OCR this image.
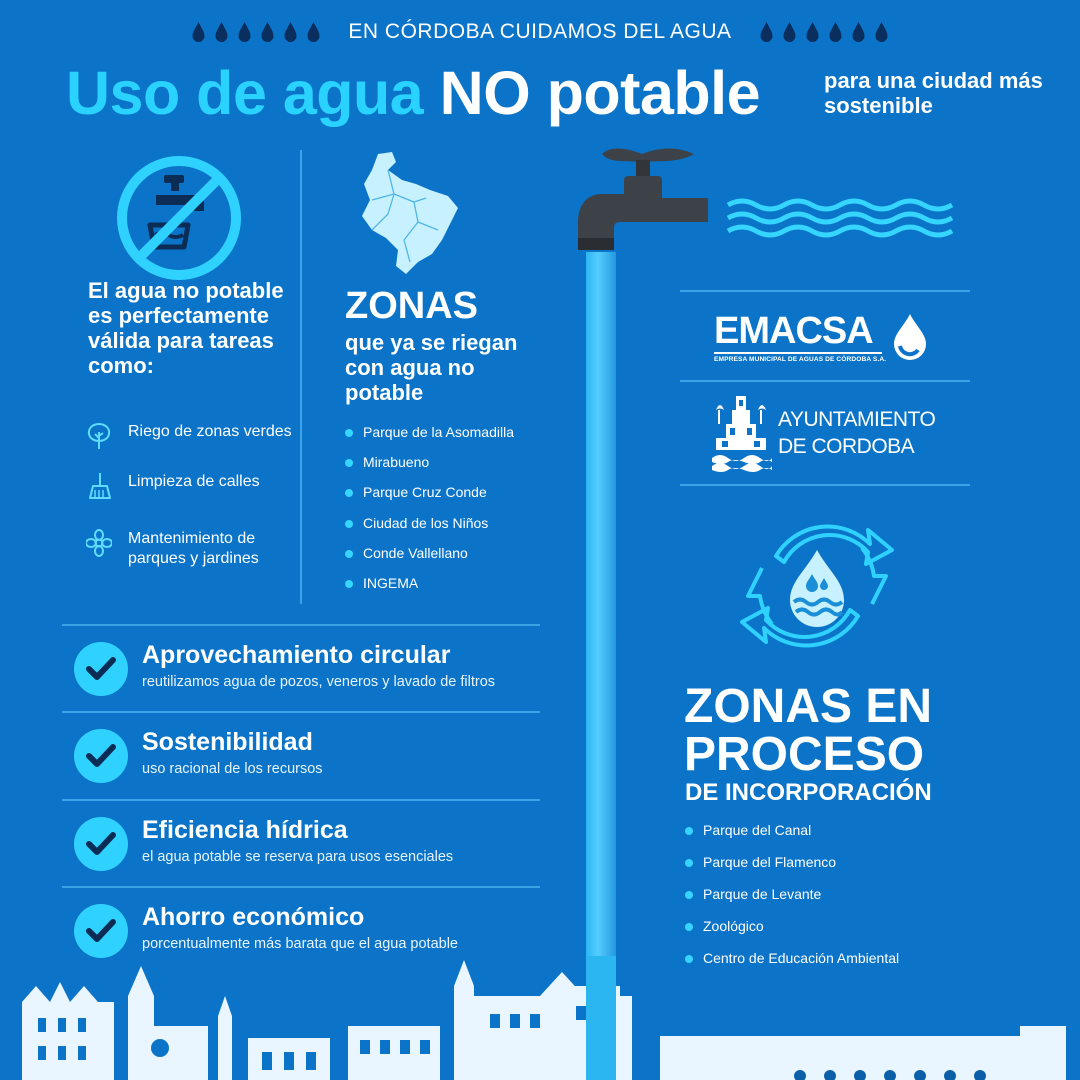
EN CÓRDOBA CUIDAMOS DEL AGUA
Uso de agua NO potable	para una ciudad más sostenible
El agua no potable es perfectamente válida para tareas como:
Riego de zonas verdes
Limpieza de calles
Mantenimiento de parques y jardines
ZONAS
que ya se riegan con agua no potable
Parque de la Asomadilla
Mirabueno
Parque Cruz Conde
Ciudad de los Niños
Conde Vallellano
INGEMA
Aprovechamiento circular
reutilizamos agua de pozos, veneros y lavado de filtros
Sostenibilidad
uso racional de los recursos
Eficiencia hídrica
el agua potable se reserva para usos esenciales
Ahorro económico
porcentualmente más barata que el agua potable
EMACSA
EMPRESA MUNICIPAL DE AGUAS DE CÓRDOBA S.A.
AYUNTAMIENTO
DE CORDOBA
ZONAS EN
PROCESO
DE INCORPORACIÓN
Parque del Canal
Parque del Flamenco
Parque de Levante
Zoológico
Centro de Educación Ambiental
